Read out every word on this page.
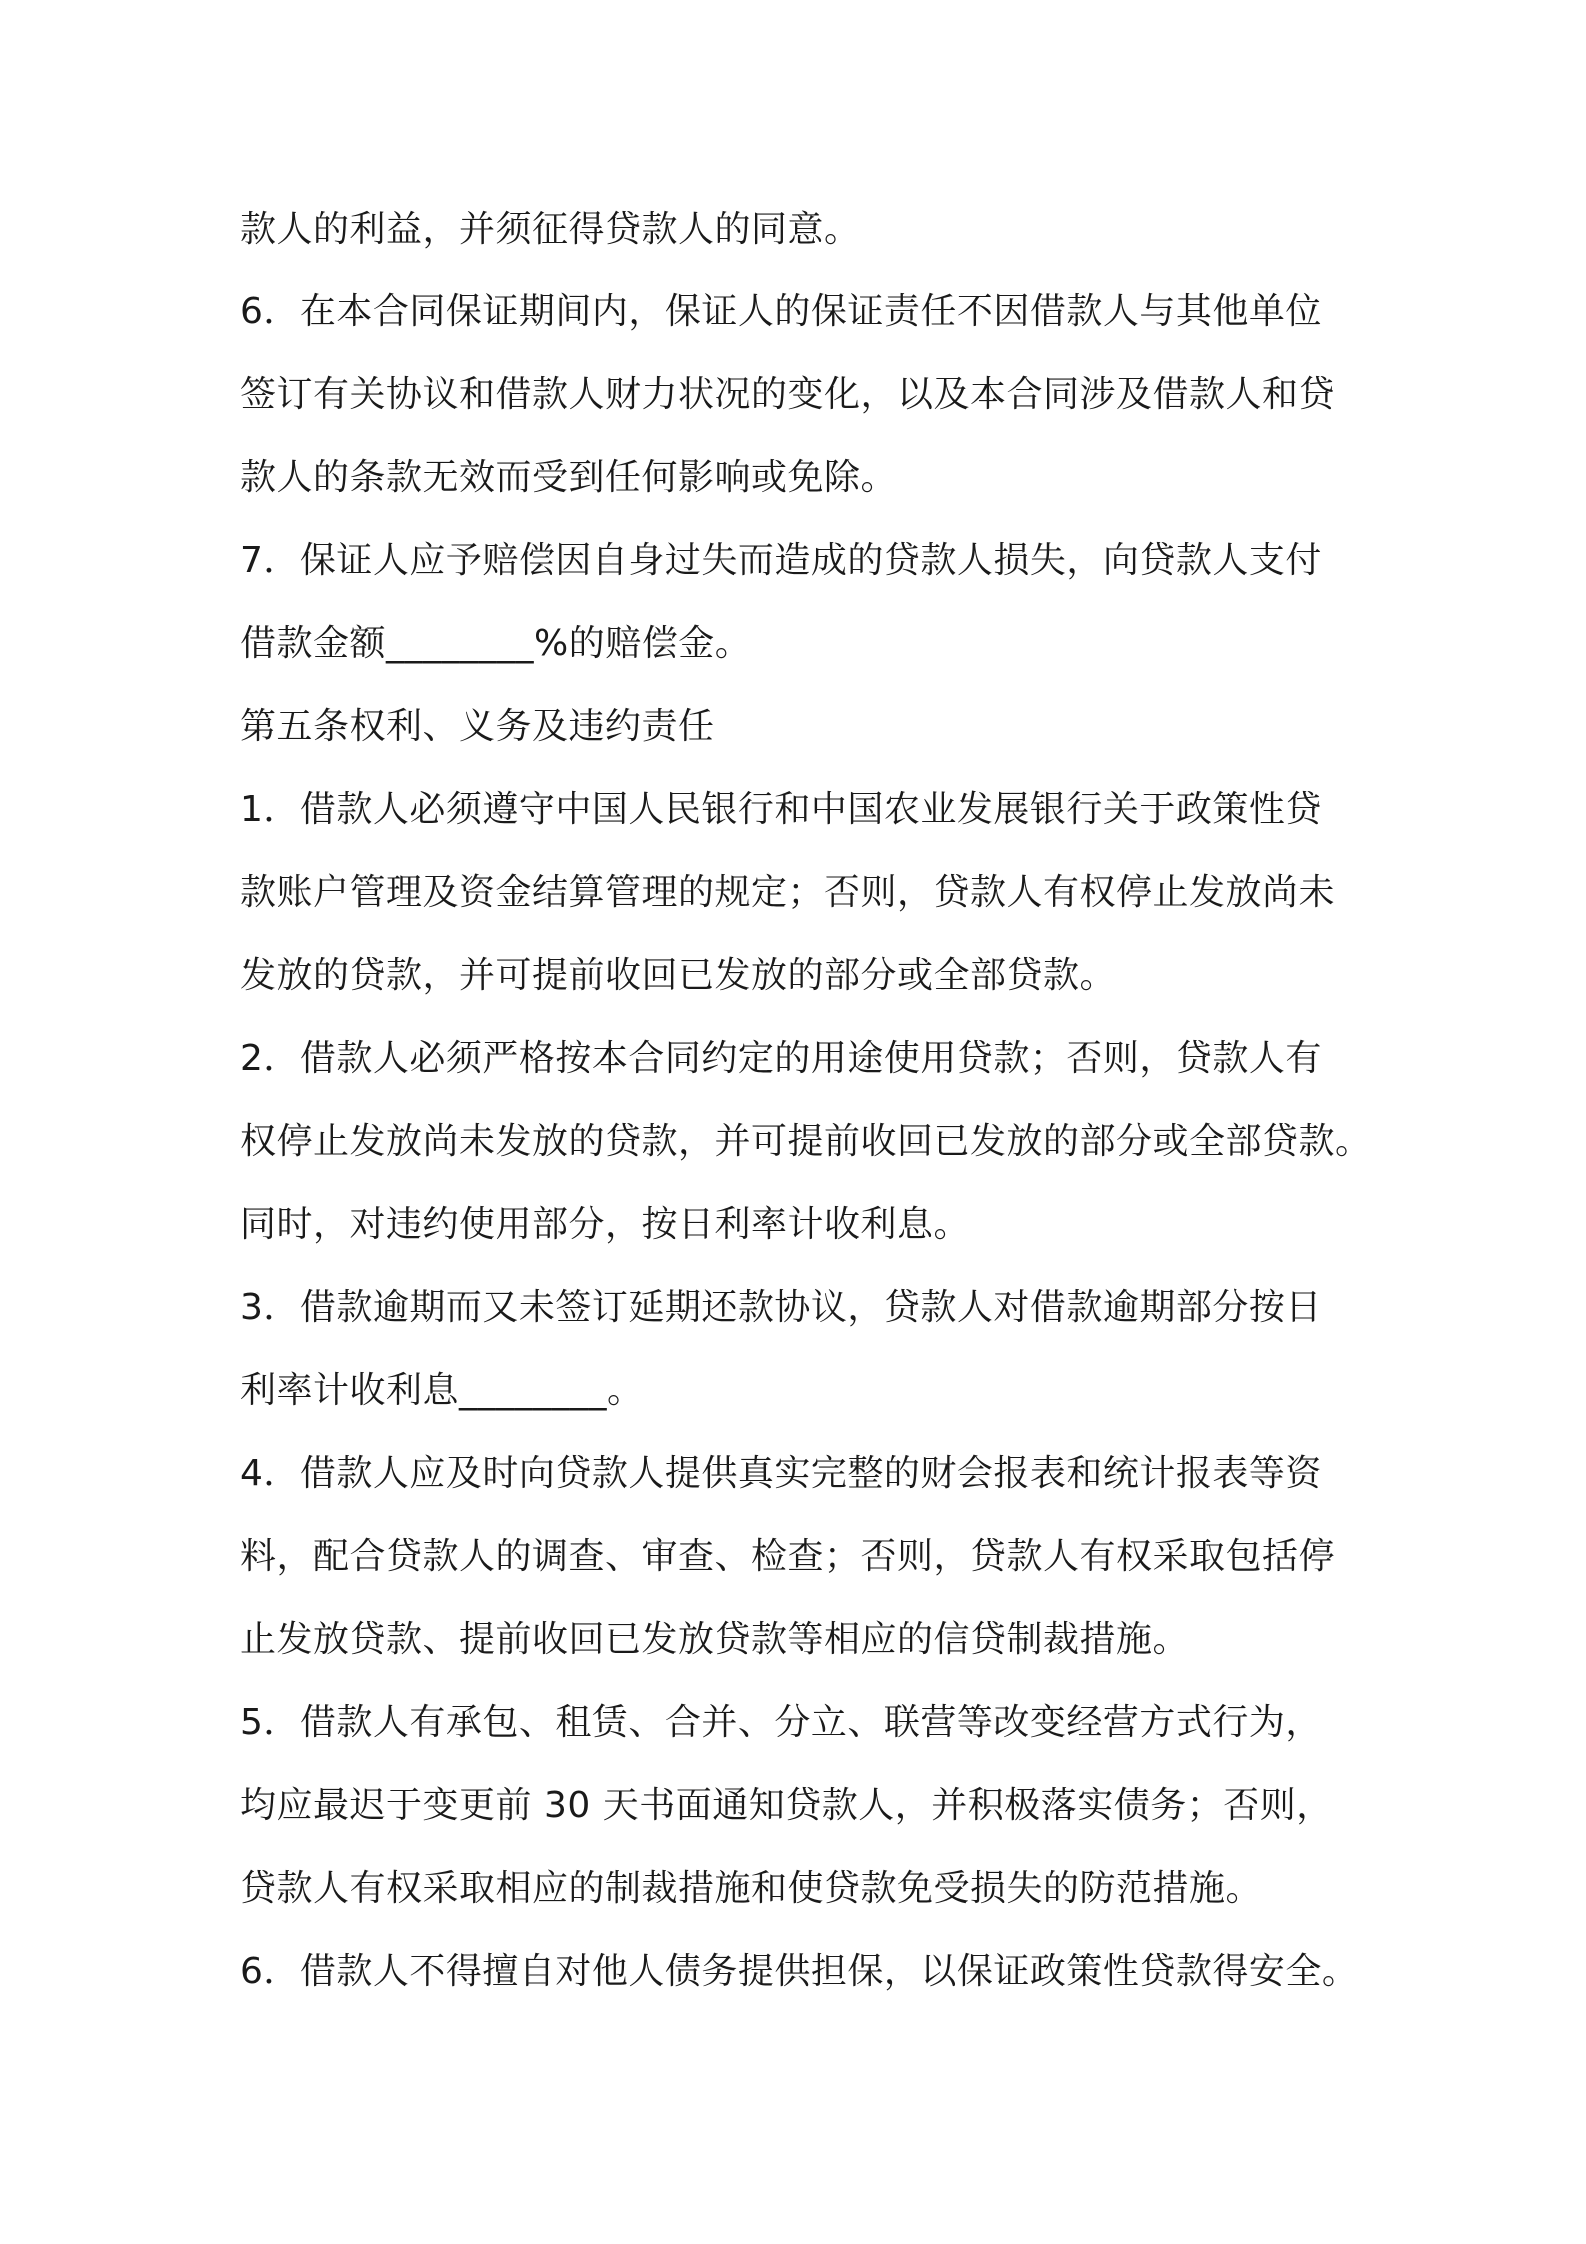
款人的利益，并须征得贷款人的同意。

6．在本合同保证期间内，保证人的保证责任不因借款人与其他单位

签订有关协议和借款人财力状况的变化，以及本合同涉及借款人和贷

款人的条款无效而受到任何影响或免除。

7．保证人应予赔偿因自身过失而造成的贷款人损失，向贷款人支付

借款金额________%的赔偿金。

第五条权利、义务及违约责任

1．借款人必须遵守中国人民银行和中国农业发展银行关于政策性贷

款账户管理及资金结算管理的规定；否则，贷款人有权停止发放尚未

发放的贷款，并可提前收回已发放的部分或全部贷款。

2．借款人必须严格按本合同约定的用途使用贷款；否则，贷款人有

权停止发放尚未发放的贷款，并可提前收回已发放的部分或全部贷款。

同时，对违约使用部分，按日利率计收利息。

3．借款逾期而又未签订延期还款协议，贷款人对借款逾期部分按日

利率计收利息________。

4．借款人应及时向贷款人提供真实完整的财会报表和统计报表等资

料，配合贷款人的调查、审查、检查；否则，贷款人有权采取包括停

止发放贷款、提前收回已发放贷款等相应的信贷制裁措施。

5．借款人有承包、租赁、合并、分立、联营等改变经营方式行为，

均应最迟于变更前 30 天书面通知贷款人，并积极落实债务；否则，

贷款人有权采取相应的制裁措施和使贷款免受损失的防范措施。

6．借款人不得擅自对他人债务提供担保，以保证政策性贷款得安全。
